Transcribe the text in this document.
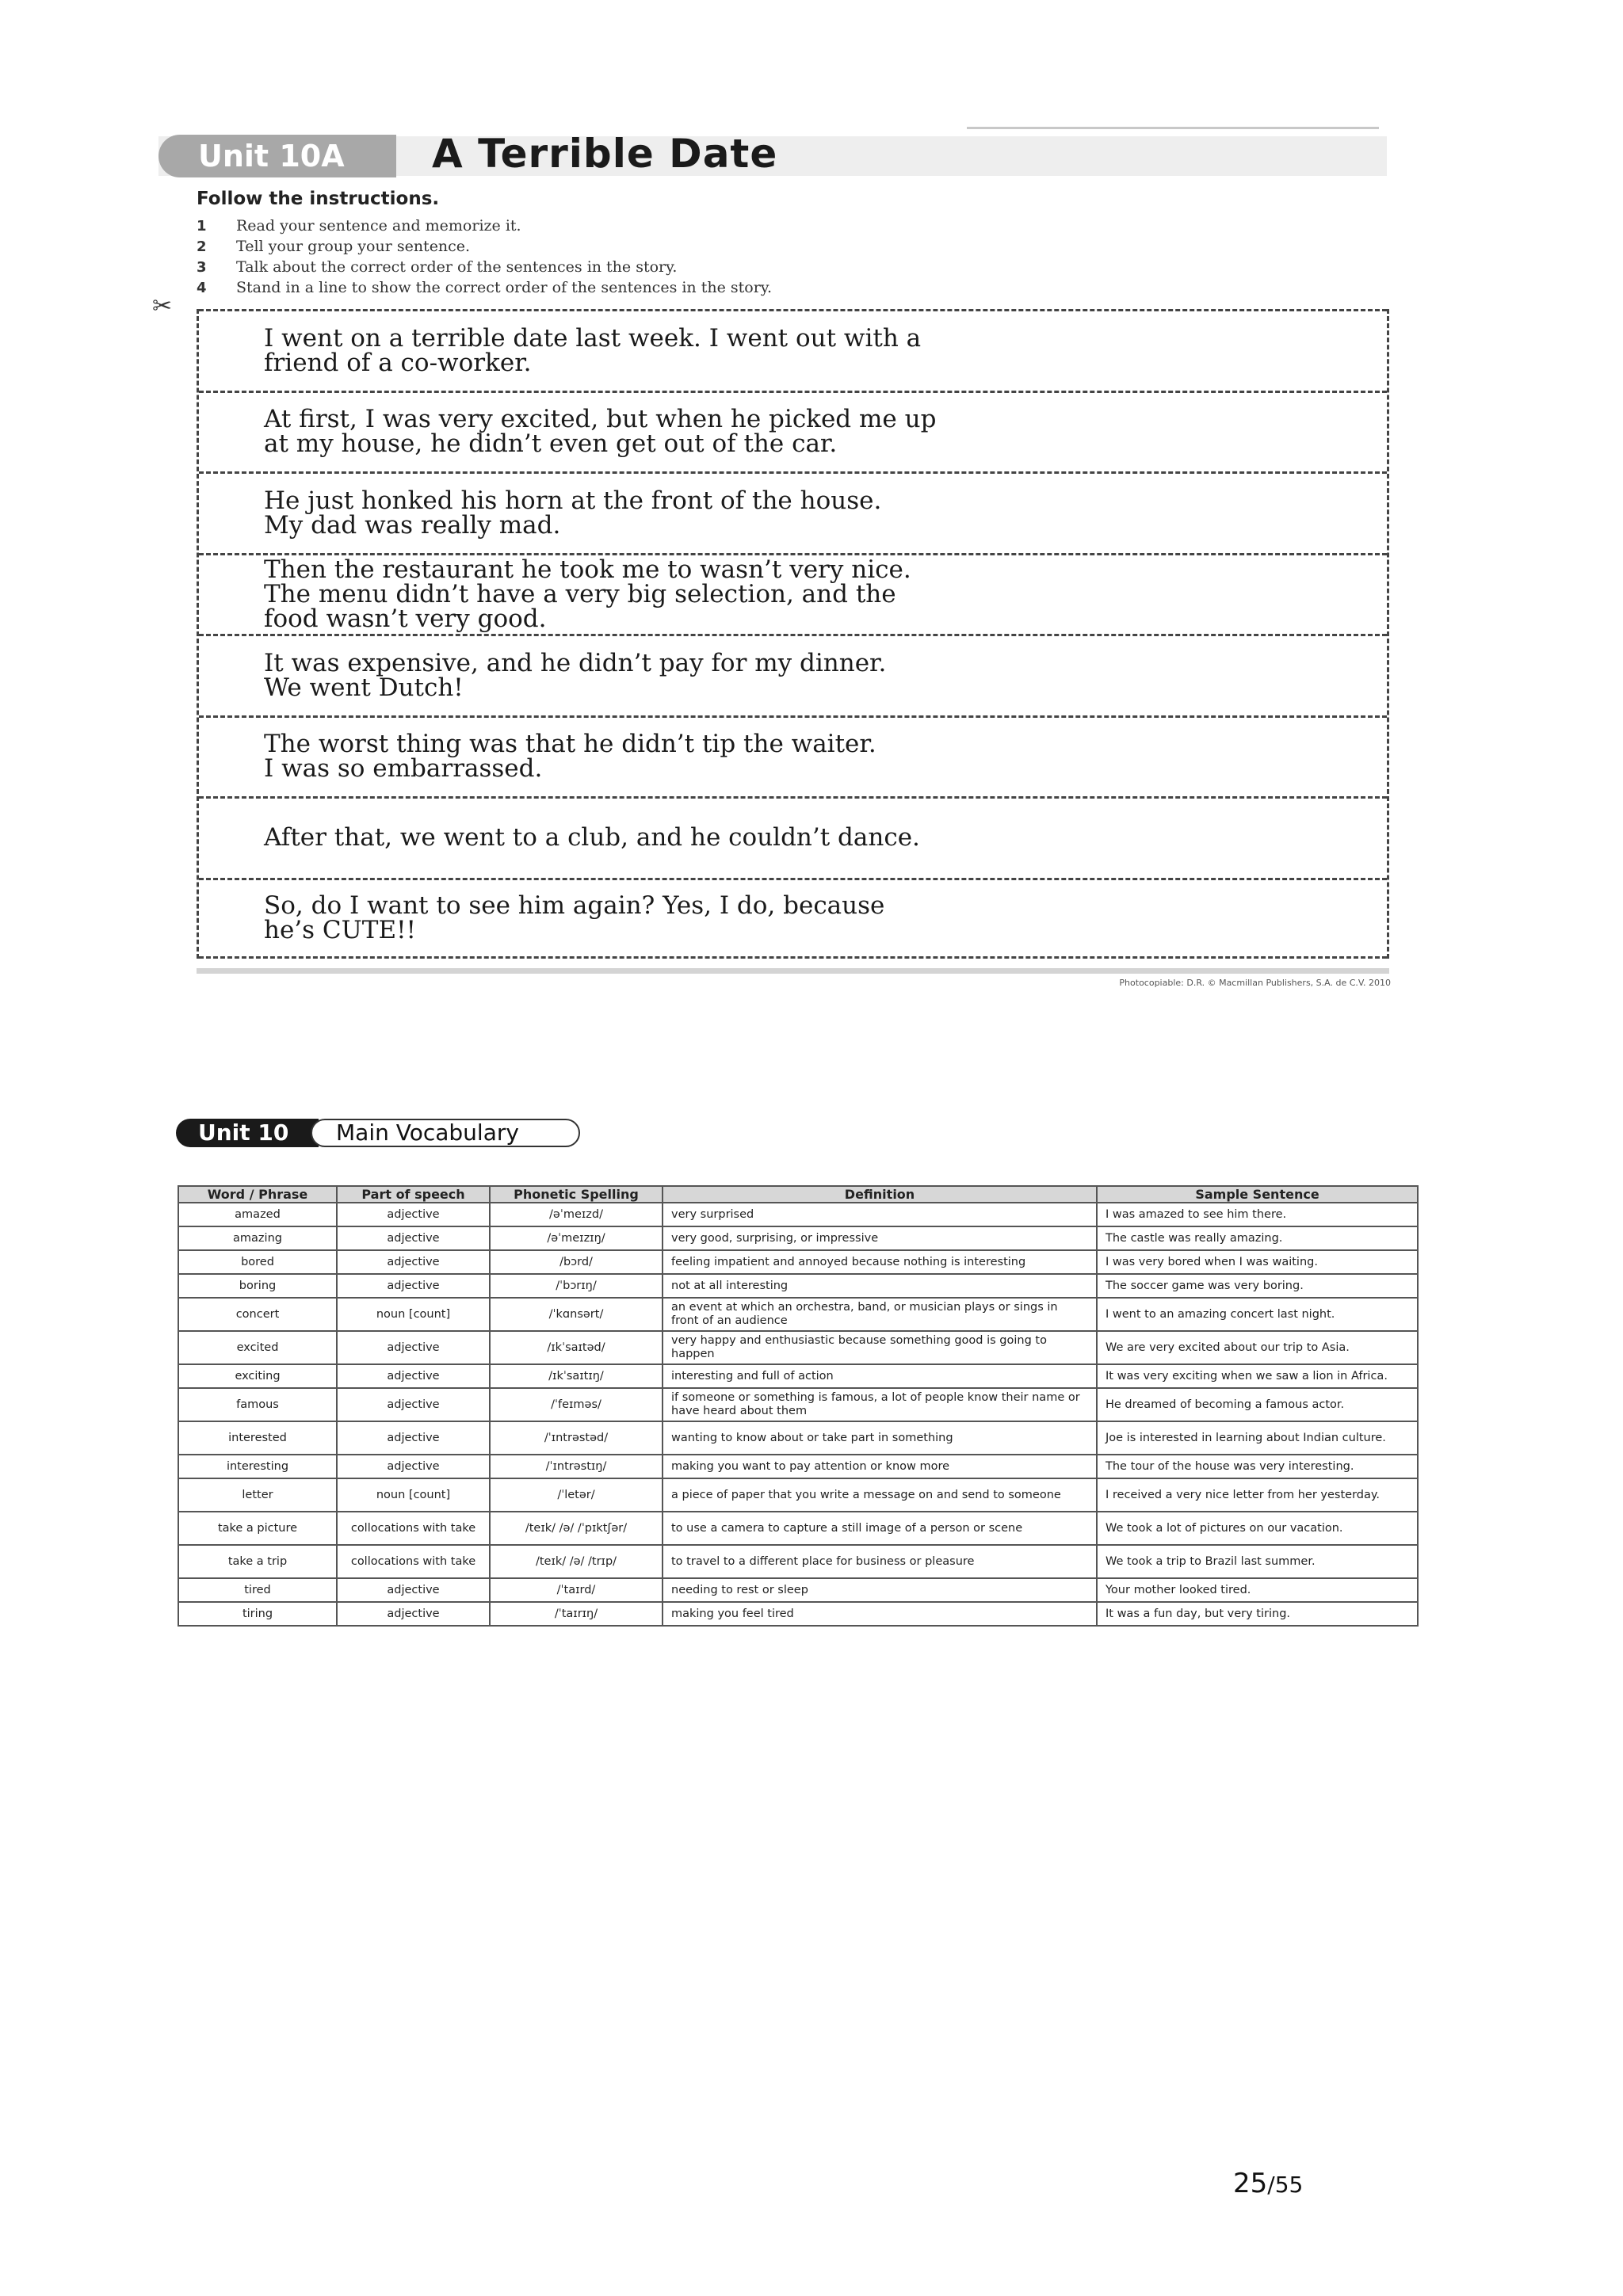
Unit 10A	A Terrible Date
Follow the instructions.
1	Read your sentence and memorize it.
2	Tell your group your sentence.
3	Talk about the correct order of the sentences in the story.
4	Stand in a line to show the correct order of the sentences in the story.
✂
I went on a terrible date last week. I went out with a
friend of a co-worker.
At first, I was very excited, but when he picked me up
at my house, he didn’t even get out of the car.
He just honked his horn at the front of the house.
My dad was really mad.
Then the restaurant he took me to wasn’t very nice.
The menu didn’t have a very big selection, and the
food wasn’t very good.
It was expensive, and he didn’t pay for my dinner.
We went Dutch!
The worst thing was that he didn’t tip the waiter.
I was so embarrassed.
After that, we went to a club, and he couldn’t dance.
So, do I want to see him again? Yes, I do, because
he’s CUTE!!
Photocopiable: D.R. © Macmillan Publishers, S.A. de C.V. 2010
Unit 10	Main Vocabulary
Word / Phrase	Part of speech	Phonetic Spelling	Definition	Sample Sentence
amazed	adjective	/əˈmeɪzd/	very surprised	I was amazed to see him there.
amazing	adjective	/əˈmeɪzɪŋ/	very good, surprising, or impressive	The castle was really amazing.
bored	adjective	/bɔrd/	feeling impatient and annoyed because nothing is interesting	I was very bored when I was waiting.
boring	adjective	/ˈbɔrɪŋ/	not at all interesting	The soccer game was very boring.
concert	noun [count]	/ˈkɑnsərt/	an event at which an orchestra, band, or musician plays or sings in front of an audience	I went to an amazing concert last night.
excited	adjective	/ɪkˈsaɪtəd/	very happy and enthusiastic because something good is going to happen	We are very excited about our trip to Asia.
exciting	adjective	/ɪkˈsaɪtɪŋ/	interesting and full of action	It was very exciting when we saw a lion in Africa.
famous	adjective	/ˈfeɪməs/	if someone or something is famous, a lot of people know their name or have heard about them	He dreamed of becoming a famous actor.
interested	adjective	/ˈɪntrəstəd/	wanting to know about or take part in something	Joe is interested in learning about Indian culture.
interesting	adjective	/ˈɪntrəstɪŋ/	making you want to pay attention or know more	The tour of the house was very interesting.
letter	noun [count]	/ˈletər/	a piece of paper that you write a message on and send to someone	I received a very nice letter from her yesterday.
take a picture	collocations with take	/teɪk/ /ə/ /ˈpɪktʃər/	to use a camera to capture a still image of a person or scene	We took a lot of pictures on our vacation.
take a trip	collocations with take	/teɪk/ /ə/ /trɪp/	to travel to a different place for business or pleasure	We took a trip to Brazil last summer.
tired	adjective	/ˈtaɪrd/	needing to rest or sleep	Your mother looked tired.
tiring	adjective	/ˈtaɪrɪŋ/	making you feel tired	It was a fun day, but very tiring.
25/55
